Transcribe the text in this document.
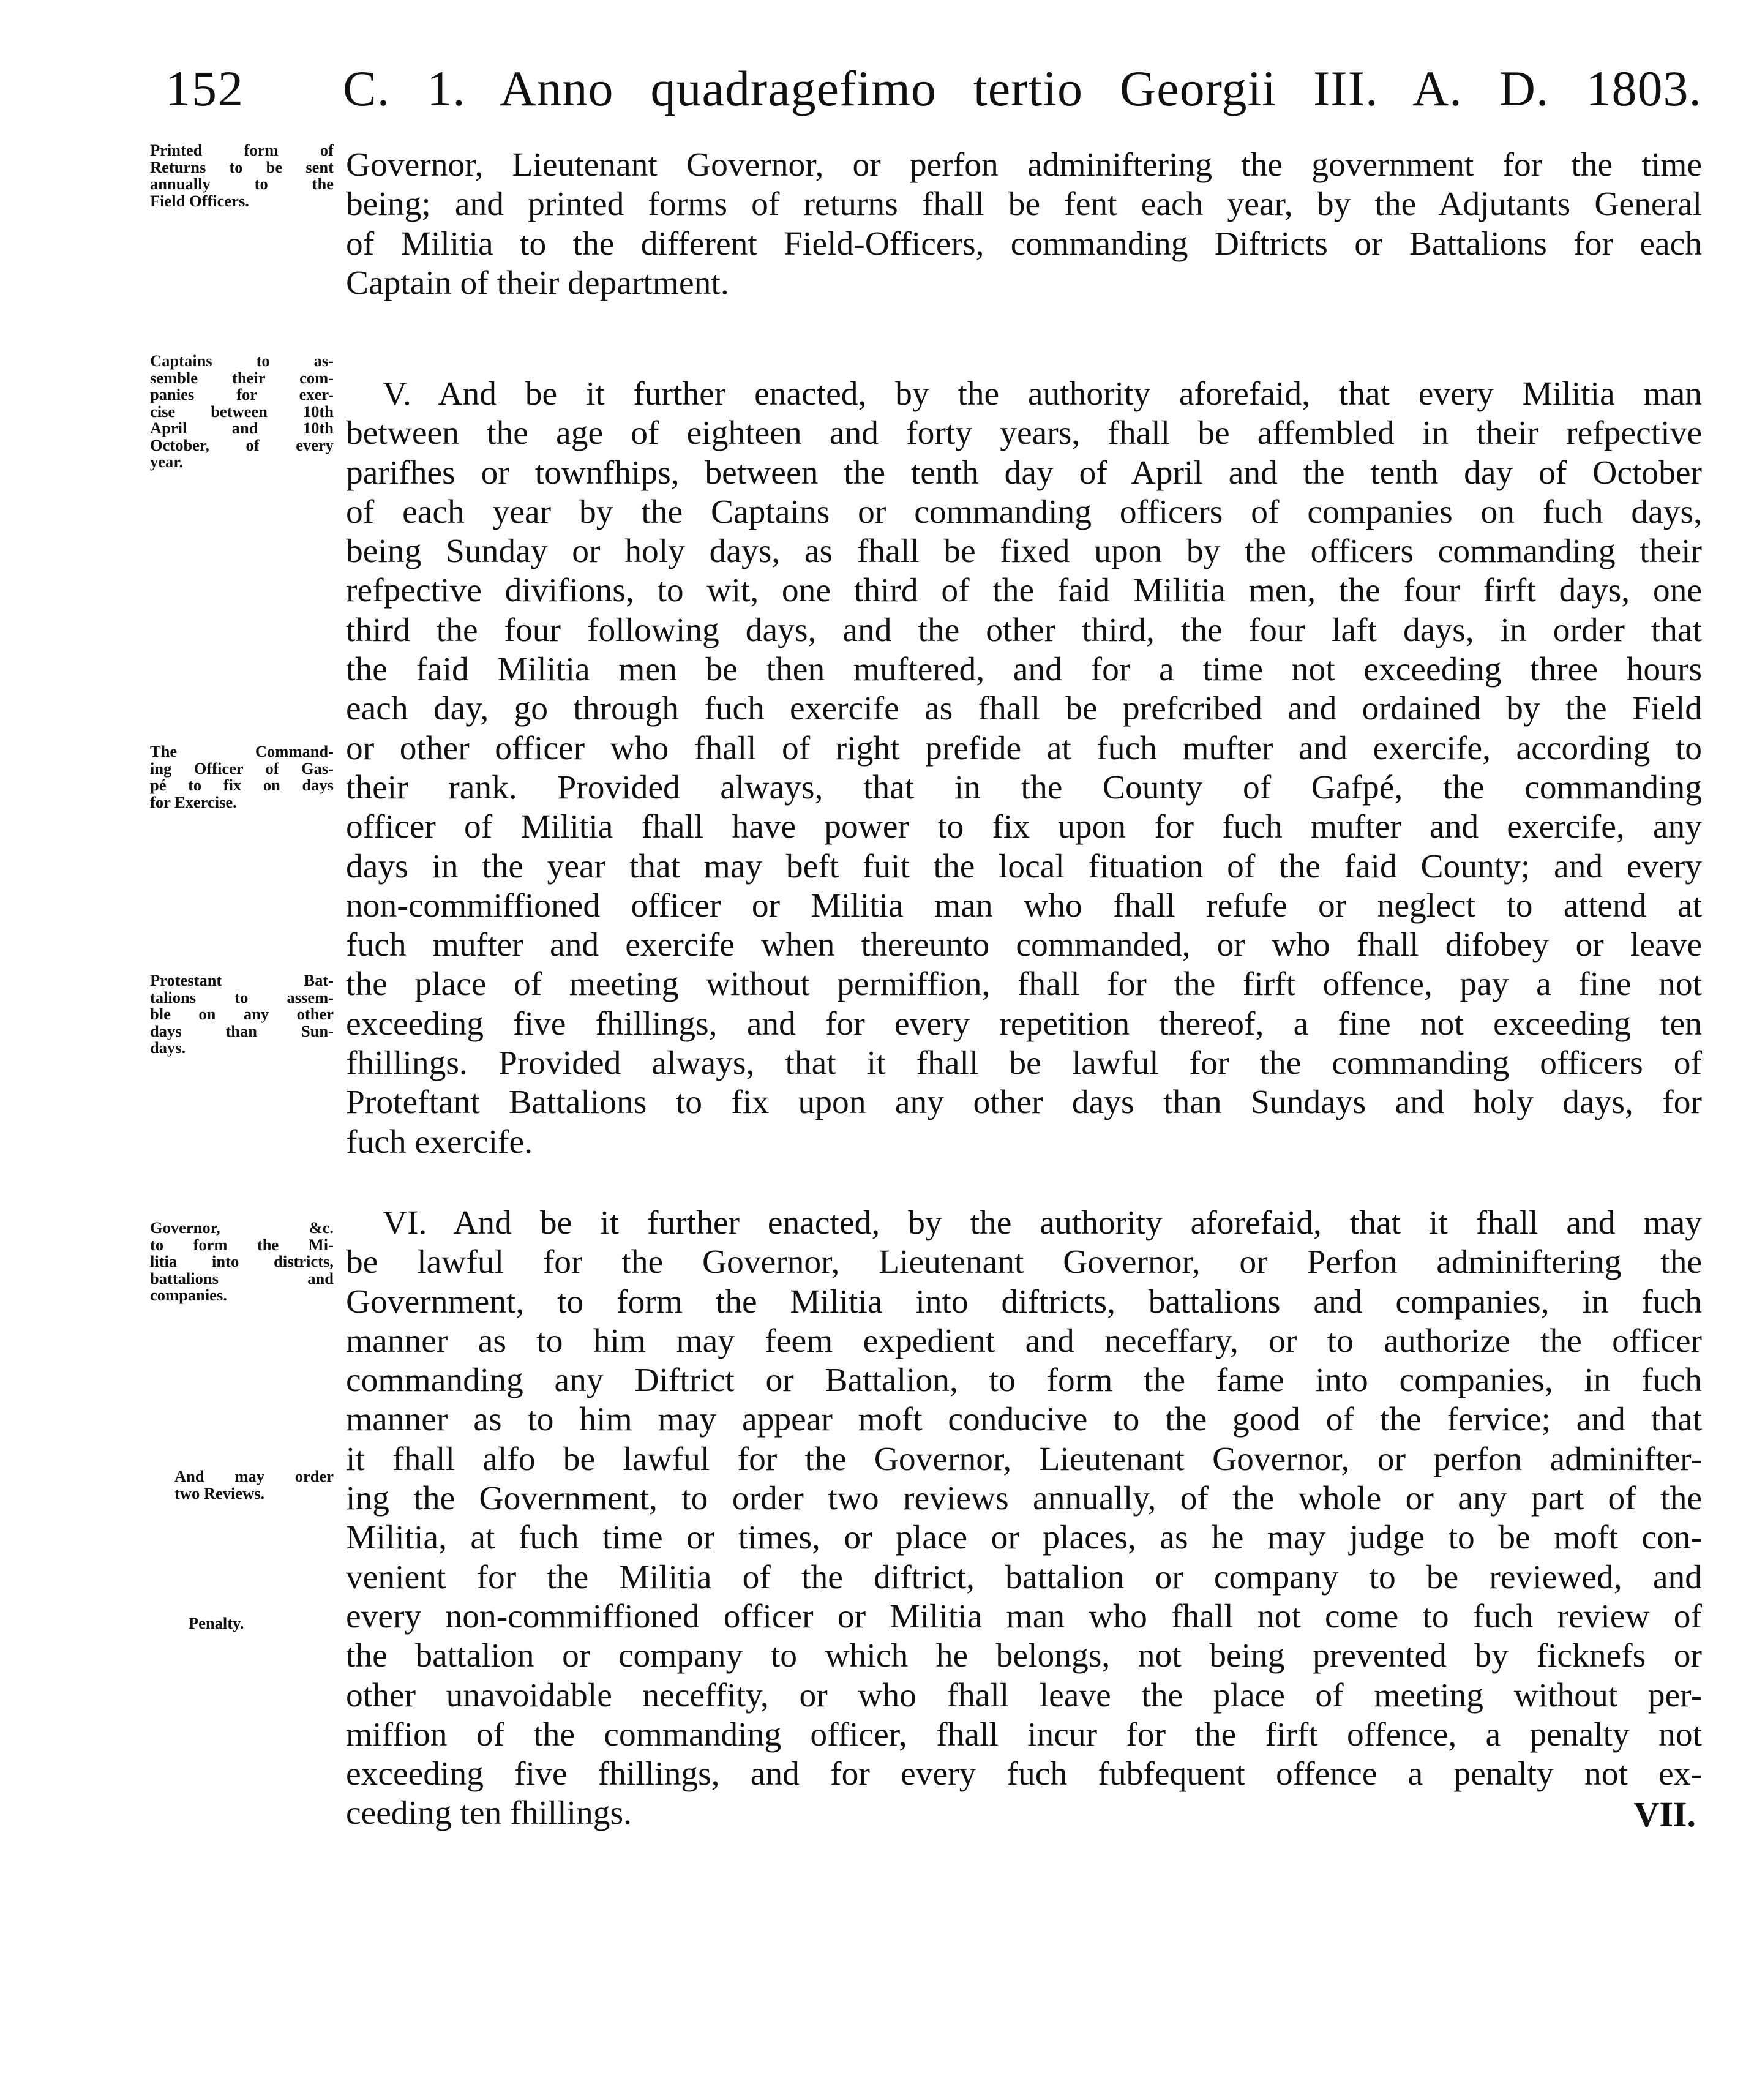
152 C. 1. Anno quadragefimo tertio Georgii III. A. D. 1803.
Printed form of
Returns to be sent
annually to the
Field Officers.
Captains to as-
semble their com-
panies for exer-
cise between 10th
April and 10th
October, of every
year.
The Command-
ing Officer of Gas-
pé to fix on days
for Exercise.
Protestant Bat-
talions to assem-
ble on any other
days than Sun-
days.
Governor, &c.
to form the Mi-
litia into districts,
battalions and
companies.
And may order
two Reviews.
Penalty.
Governor, Lieutenant Governor, or perfon adminiftering the government for the time
being; and printed forms of returns fhall be fent each year, by the Adjutants General
of Militia to the different Field-Officers, commanding Diftricts or Battalions for each
Captain of their department.
V. And be it further enacted, by the authority aforefaid, that every Militia man
between the age of eighteen and forty years, fhall be affembled in their refpective
parifhes or townfhips, between the tenth day of April and the tenth day of October
of each year by the Captains or commanding officers of companies on fuch days,
being Sunday or holy days, as fhall be fixed upon by the officers commanding their
refpective divifions, to wit, one third of the faid Militia men, the four firft days, one
third the four following days, and the other third, the four laft days, in order that
the faid Militia men be then muftered, and for a time not exceeding three hours
each day, go through fuch exercife as fhall be prefcribed and ordained by the Field
or other officer who fhall of right prefide at fuch mufter and exercife, according to
their rank. Provided always, that in the County of Gafpé, the commanding
officer of Militia fhall have power to fix upon for fuch mufter and exercife, any
days in the year that may beft fuit the local fituation of the faid County; and every
non-commiffioned officer or Militia man who fhall refufe or neglect to attend at
fuch mufter and exercife when thereunto commanded, or who fhall difobey or leave
the place of meeting without permiffion, fhall for the firft offence, pay a fine not
exceeding five fhillings, and for every repetition thereof, a fine not exceeding ten
fhillings. Provided always, that it fhall be lawful for the commanding officers of
Proteftant Battalions to fix upon any other days than Sundays and holy days, for
fuch exercife.
VI. And be it further enacted, by the authority aforefaid, that it fhall and may
be lawful for the Governor, Lieutenant Governor, or Perfon adminiftering the
Government, to form the Militia into diftricts, battalions and companies, in fuch
manner as to him may feem expedient and neceffary, or to authorize the officer
commanding any Diftrict or Battalion, to form the fame into companies, in fuch
manner as to him may appear moft conducive to the good of the fervice; and that
it fhall alfo be lawful for the Governor, Lieutenant Governor, or perfon adminifter-
ing the Government, to order two reviews annually, of the whole or any part of the
Militia, at fuch time or times, or place or places, as he may judge to be moft con-
venient for the Militia of the diftrict, battalion or company to be reviewed, and
every non-commiffioned officer or Militia man who fhall not come to fuch review of
the battalion or company to which he belongs, not being prevented by ficknefs or
other unavoidable neceffity, or who fhall leave the place of meeting without per-
miffion of the commanding officer, fhall incur for the firft offence, a penalty not
exceeding five fhillings, and for every fuch fubfequent offence a penalty not ex-
ceeding ten fhillings.	VII.
